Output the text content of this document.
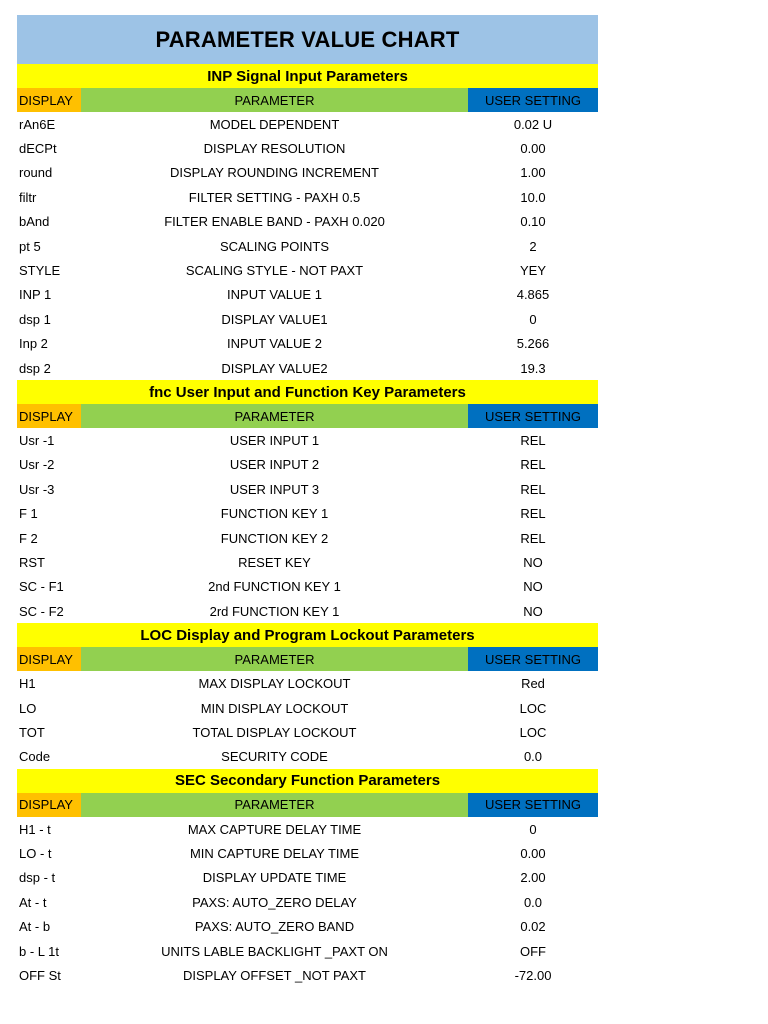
PARAMETER VALUE CHART
INP Signal Input Parameters
DISPLAY	PARAMETER	USER SETTING
rAn6E	MODEL DEPENDENT	0.02 U
dECPt	DISPLAY RESOLUTION	0.00
round	DISPLAY ROUNDING INCREMENT	1.00
filtr	FILTER SETTING - PAXH 0.5	10.0
bAnd	FILTER ENABLE BAND - PAXH 0.020	0.10
pt 5	SCALING POINTS	2
STYLE	SCALING STYLE - NOT PAXT	YEY
INP 1	INPUT VALUE 1	4.865
dsp 1	DISPLAY VALUE1	0
Inp 2	INPUT VALUE 2	5.266
dsp 2	DISPLAY VALUE2	19.3
fnc User Input and Function Key Parameters
DISPLAY	PARAMETER	USER SETTING
Usr -1	USER INPUT 1	REL
Usr -2	USER INPUT 2	REL
Usr -3	USER INPUT 3	REL
F 1	FUNCTION KEY 1	REL
F 2	FUNCTION KEY 2	REL
RST	RESET KEY	NO
SC - F1	2nd FUNCTION KEY 1	NO
SC - F2	2rd FUNCTION KEY 1	NO
LOC Display and Program Lockout Parameters
DISPLAY	PARAMETER	USER SETTING
H1	MAX DISPLAY LOCKOUT	Red
LO	MIN DISPLAY LOCKOUT	LOC
TOT	TOTAL DISPLAY LOCKOUT	LOC
Code	SECURITY CODE	0.0
SEC Secondary Function Parameters
DISPLAY	PARAMETER	USER SETTING
H1 - t	MAX CAPTURE DELAY TIME	0
LO - t	MIN CAPTURE DELAY TIME	0.00
dsp - t	DISPLAY UPDATE TIME	2.00
At - t	PAXS: AUTO_ZERO DELAY	0.0
At - b	PAXS: AUTO_ZERO BAND	0.02
b - L 1t	UNITS LABLE BACKLIGHT _PAXT ON	OFF
OFF St	DISPLAY OFFSET _NOT PAXT	-72.00
